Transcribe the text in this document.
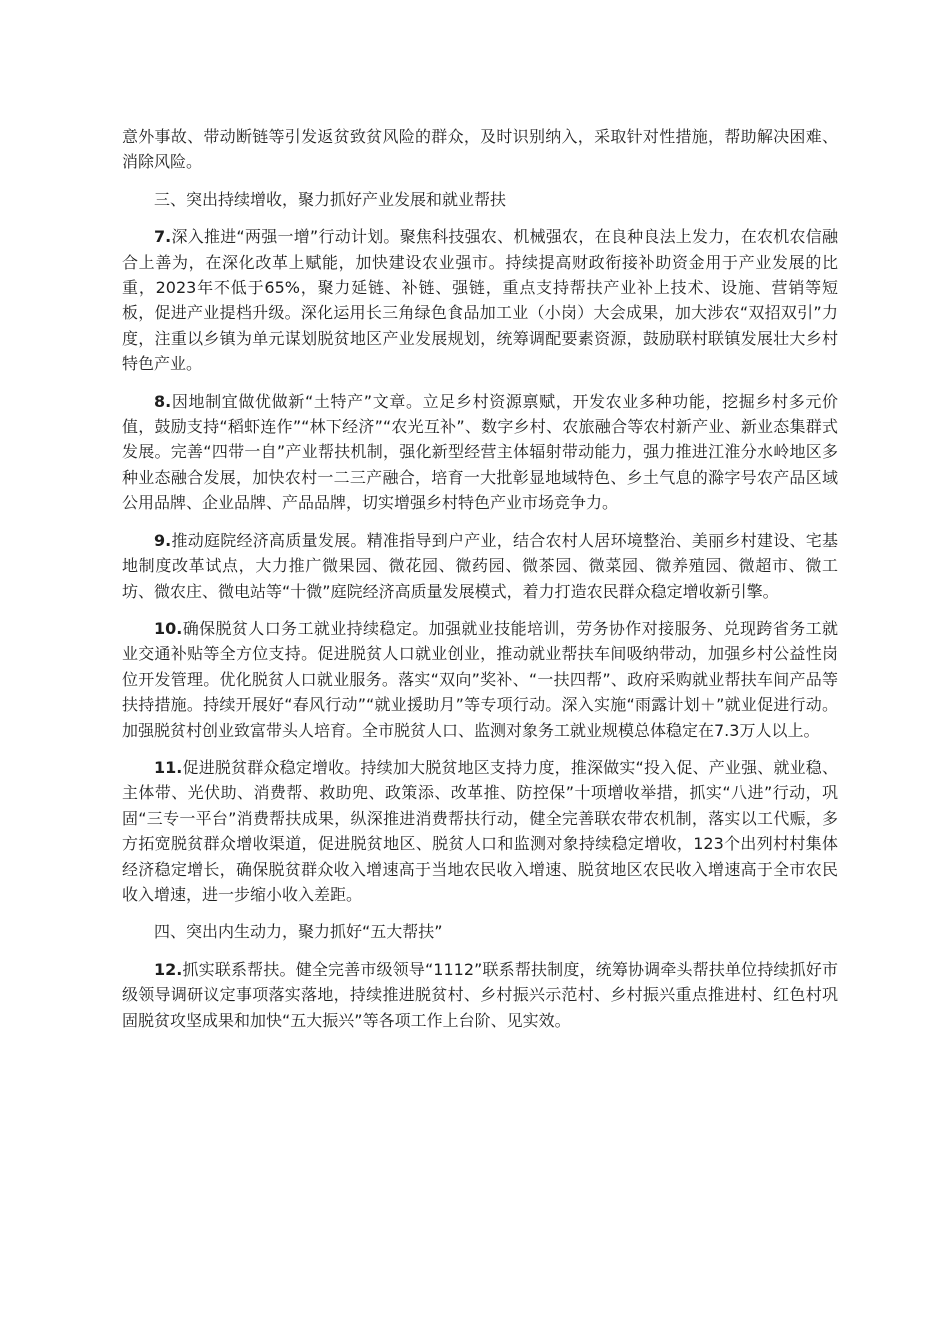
意外事故、带动断链等引发返贫致贫风险的群众，及时识别纳入，采取针对性措施，帮助解决困难、消除风险。

三、突出持续增收，聚力抓好产业发展和就业帮扶

7.深入推进“两强一增”行动计划。聚焦科技强农、机械强农，在良种良法上发力，在农机农信融合上善为，在深化改革上赋能，加快建设农业强市。持续提高财政衔接补助资金用于产业发展的比重，2023年不低于65%，聚力延链、补链、强链，重点支持帮扶产业补上技术、设施、营销等短板，促进产业提档升级。深化运用长三角绿色食品加工业（小岗）大会成果，加大涉农“双招双引”力度，注重以乡镇为单元谋划脱贫地区产业发展规划，统筹调配要素资源，鼓励联村联镇发展壮大乡村特色产业。

8.因地制宜做优做新“土特产”文章。立足乡村资源禀赋，开发农业多种功能，挖掘乡村多元价值，鼓励支持“稻虾连作”“林下经济”“农光互补”、数字乡村、农旅融合等农村新产业、新业态集群式发展。完善“四带一自”产业帮扶机制，强化新型经营主体辐射带动能力，强力推进江淮分水岭地区多种业态融合发展，加快农村一二三产融合，培育一大批彰显地域特色、乡土气息的滁字号农产品区域公用品牌、企业品牌、产品品牌，切实增强乡村特色产业市场竞争力。

9.推动庭院经济高质量发展。精准指导到户产业，结合农村人居环境整治、美丽乡村建设、宅基地制度改革试点，大力推广微果园、微花园、微药园、微茶园、微菜园、微养殖园、微超市、微工坊、微农庄、微电站等“十微”庭院经济高质量发展模式，着力打造农民群众稳定增收新引擎。

10.确保脱贫人口务工就业持续稳定。加强就业技能培训，劳务协作对接服务、兑现跨省务工就业交通补贴等全方位支持。促进脱贫人口就业创业，推动就业帮扶车间吸纳带动，加强乡村公益性岗位开发管理。优化脱贫人口就业服务。落实“双向”奖补、“一扶四帮”、政府采购就业帮扶车间产品等扶持措施。持续开展好“春风行动”“就业援助月”等专项行动。深入实施“雨露计划＋”就业促进行动。加强脱贫村创业致富带头人培育。全市脱贫人口、监测对象务工就业规模总体稳定在7.3万人以上。

11.促进脱贫群众稳定增收。持续加大脱贫地区支持力度，推深做实“投入促、产业强、就业稳、主体带、光伏助、消费帮、救助兜、政策添、改革推、防控保”十项增收举措，抓实“八进”行动，巩固“三专一平台”消费帮扶成果，纵深推进消费帮扶行动，健全完善联农带农机制，落实以工代赈，多方拓宽脱贫群众增收渠道，促进脱贫地区、脱贫人口和监测对象持续稳定增收，123个出列村村集体经济稳定增长，确保脱贫群众收入增速高于当地农民收入增速、脱贫地区农民收入增速高于全市农民收入增速，进一步缩小收入差距。

四、突出内生动力，聚力抓好“五大帮扶”

12.抓实联系帮扶。健全完善市级领导“1112”联系帮扶制度，统筹协调牵头帮扶单位持续抓好市级领导调研议定事项落实落地，持续推进脱贫村、乡村振兴示范村、乡村振兴重点推进村、红色村巩固脱贫攻坚成果和加快“五大振兴”等各项工作上台阶、见实效。
